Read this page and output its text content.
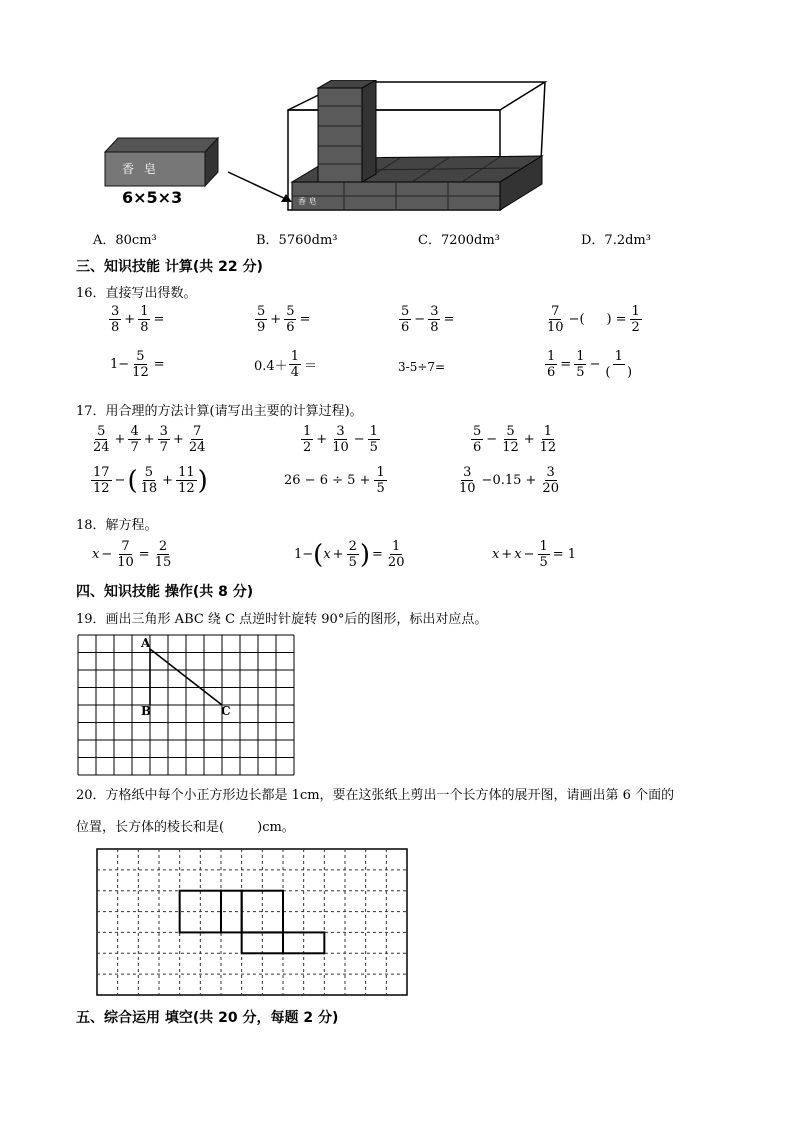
香 皂
6×5×3	香 皂
A．80cm³	B．5760dm³	C．7200dm³	D．7.2dm³
三、知识技能 计算(共 22 分)
16．直接写出得数。
$\frac{3}{8} + \frac{1}{8}$ =	$\frac{5}{9} + \frac{5}{6}$ =	$\frac{5}{6} - \frac{3}{8}$ =	$\frac{7}{10}$ −( ) = $\frac{1}{2}$
$1- \frac{5}{12}$ =	$0.4+ \frac{1}{4}$ ＝	3-5÷7=	$\frac{1}{6} = \frac{1}{5} - \frac{1}{( )}$
17．用合理的方法计算(请写出主要的计算过程)。
$\frac{5}{24} + \frac{4}{7} + \frac{3}{7} + \frac{7}{24}$	$\frac{1}{2} + \frac{3}{10} - \frac{1}{5}$	$\frac{5}{6} - \frac{5}{12} + \frac{1}{12}$
$\frac{17}{12}$ − ( $\frac{5}{18} + \frac{11}{12}$ )	$26 - 6 \div 5 + \frac{1}{5}$	$\frac{3}{10} -0.15 + \frac{3}{20}$
18．解方程。
$x - \frac{7}{10} = \frac{2}{15}$	1− ( $x + \frac{2}{5}$ ) = $\frac{1}{20}$	$x + x - \frac{1}{5} = 1$
四、知识技能 操作(共 8 分)
19．画出三角形 ABC 绕 C 点逆时针旋转 90°后的图形，标出对应点。
A
B	C
20．方格纸中每个小正方形边长都是 1cm，要在这张纸上剪出一个长方体的展开图，请画出第 6 个面的
位置，长方体的棱长和是(        )cm。
五、综合运用 填空(共 20 分，每题 2 分)
